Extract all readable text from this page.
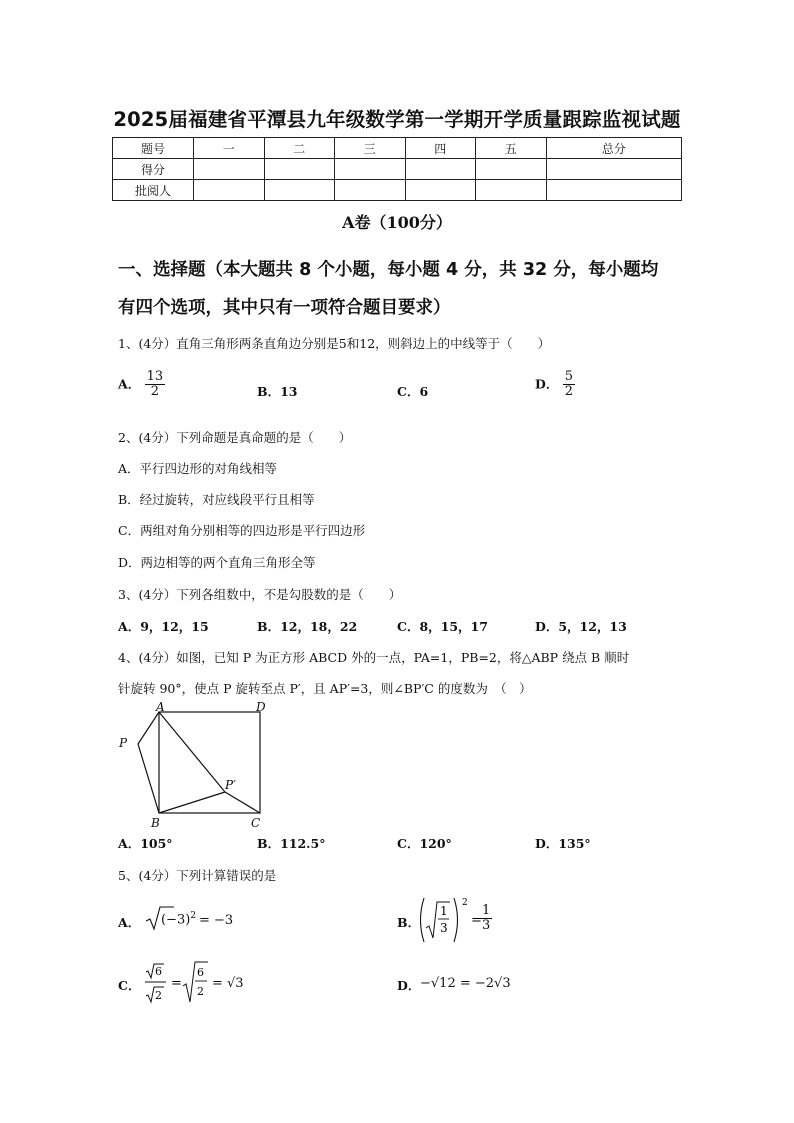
2025届福建省平潭县九年级数学第一学期开学质量跟踪监视试题
题号	一	二	三	四	五	总分
得分						
批阅人						
A卷（100分）
一、选择题（本大题共 8 个小题，每小题 4 分，共 32 分，每小题均
有四个选项，其中只有一项符合题目要求）
1、(4分）直角三角形两条直角边分别是5和12，则斜边上的中线等于（　　）
A． $\frac{13}{2}$	B．13	C．6
D． $\frac{5}{2}$
2、(4分）下列命题是真命题的是（　　）
A．平行四边形的对角线相等
B．经过旋转，对应线段平行且相等
C．两组对角分别相等的四边形是平行四边形
D．两边相等的两个直角三角形全等
3、(4分）下列各组数中，不是勾股数的是（　　）
A．9，12，15	B．12，18，22	C．8，15，17	D．5，12，13
4、(4分）如图，已知 P 为正方形 ABCD 外的一点，PA=1，PB=2，将△ABP 绕点 B 顺时
针旋转 90°，使点 P 旋转至点 P′，且 AP′=3，则∠BP′C 的度数为　（　）
A	D
P
P′
B	C
A．105°	B．112.5°	C．120°	D．135°
5、(4分）下列计算错误的是
A． $(-3)^2 = -3$	B．
1
3
2
=
$\frac{1}{3}$
C．
6
2
=
6
2
= √3	D． −√12 = −2√3
